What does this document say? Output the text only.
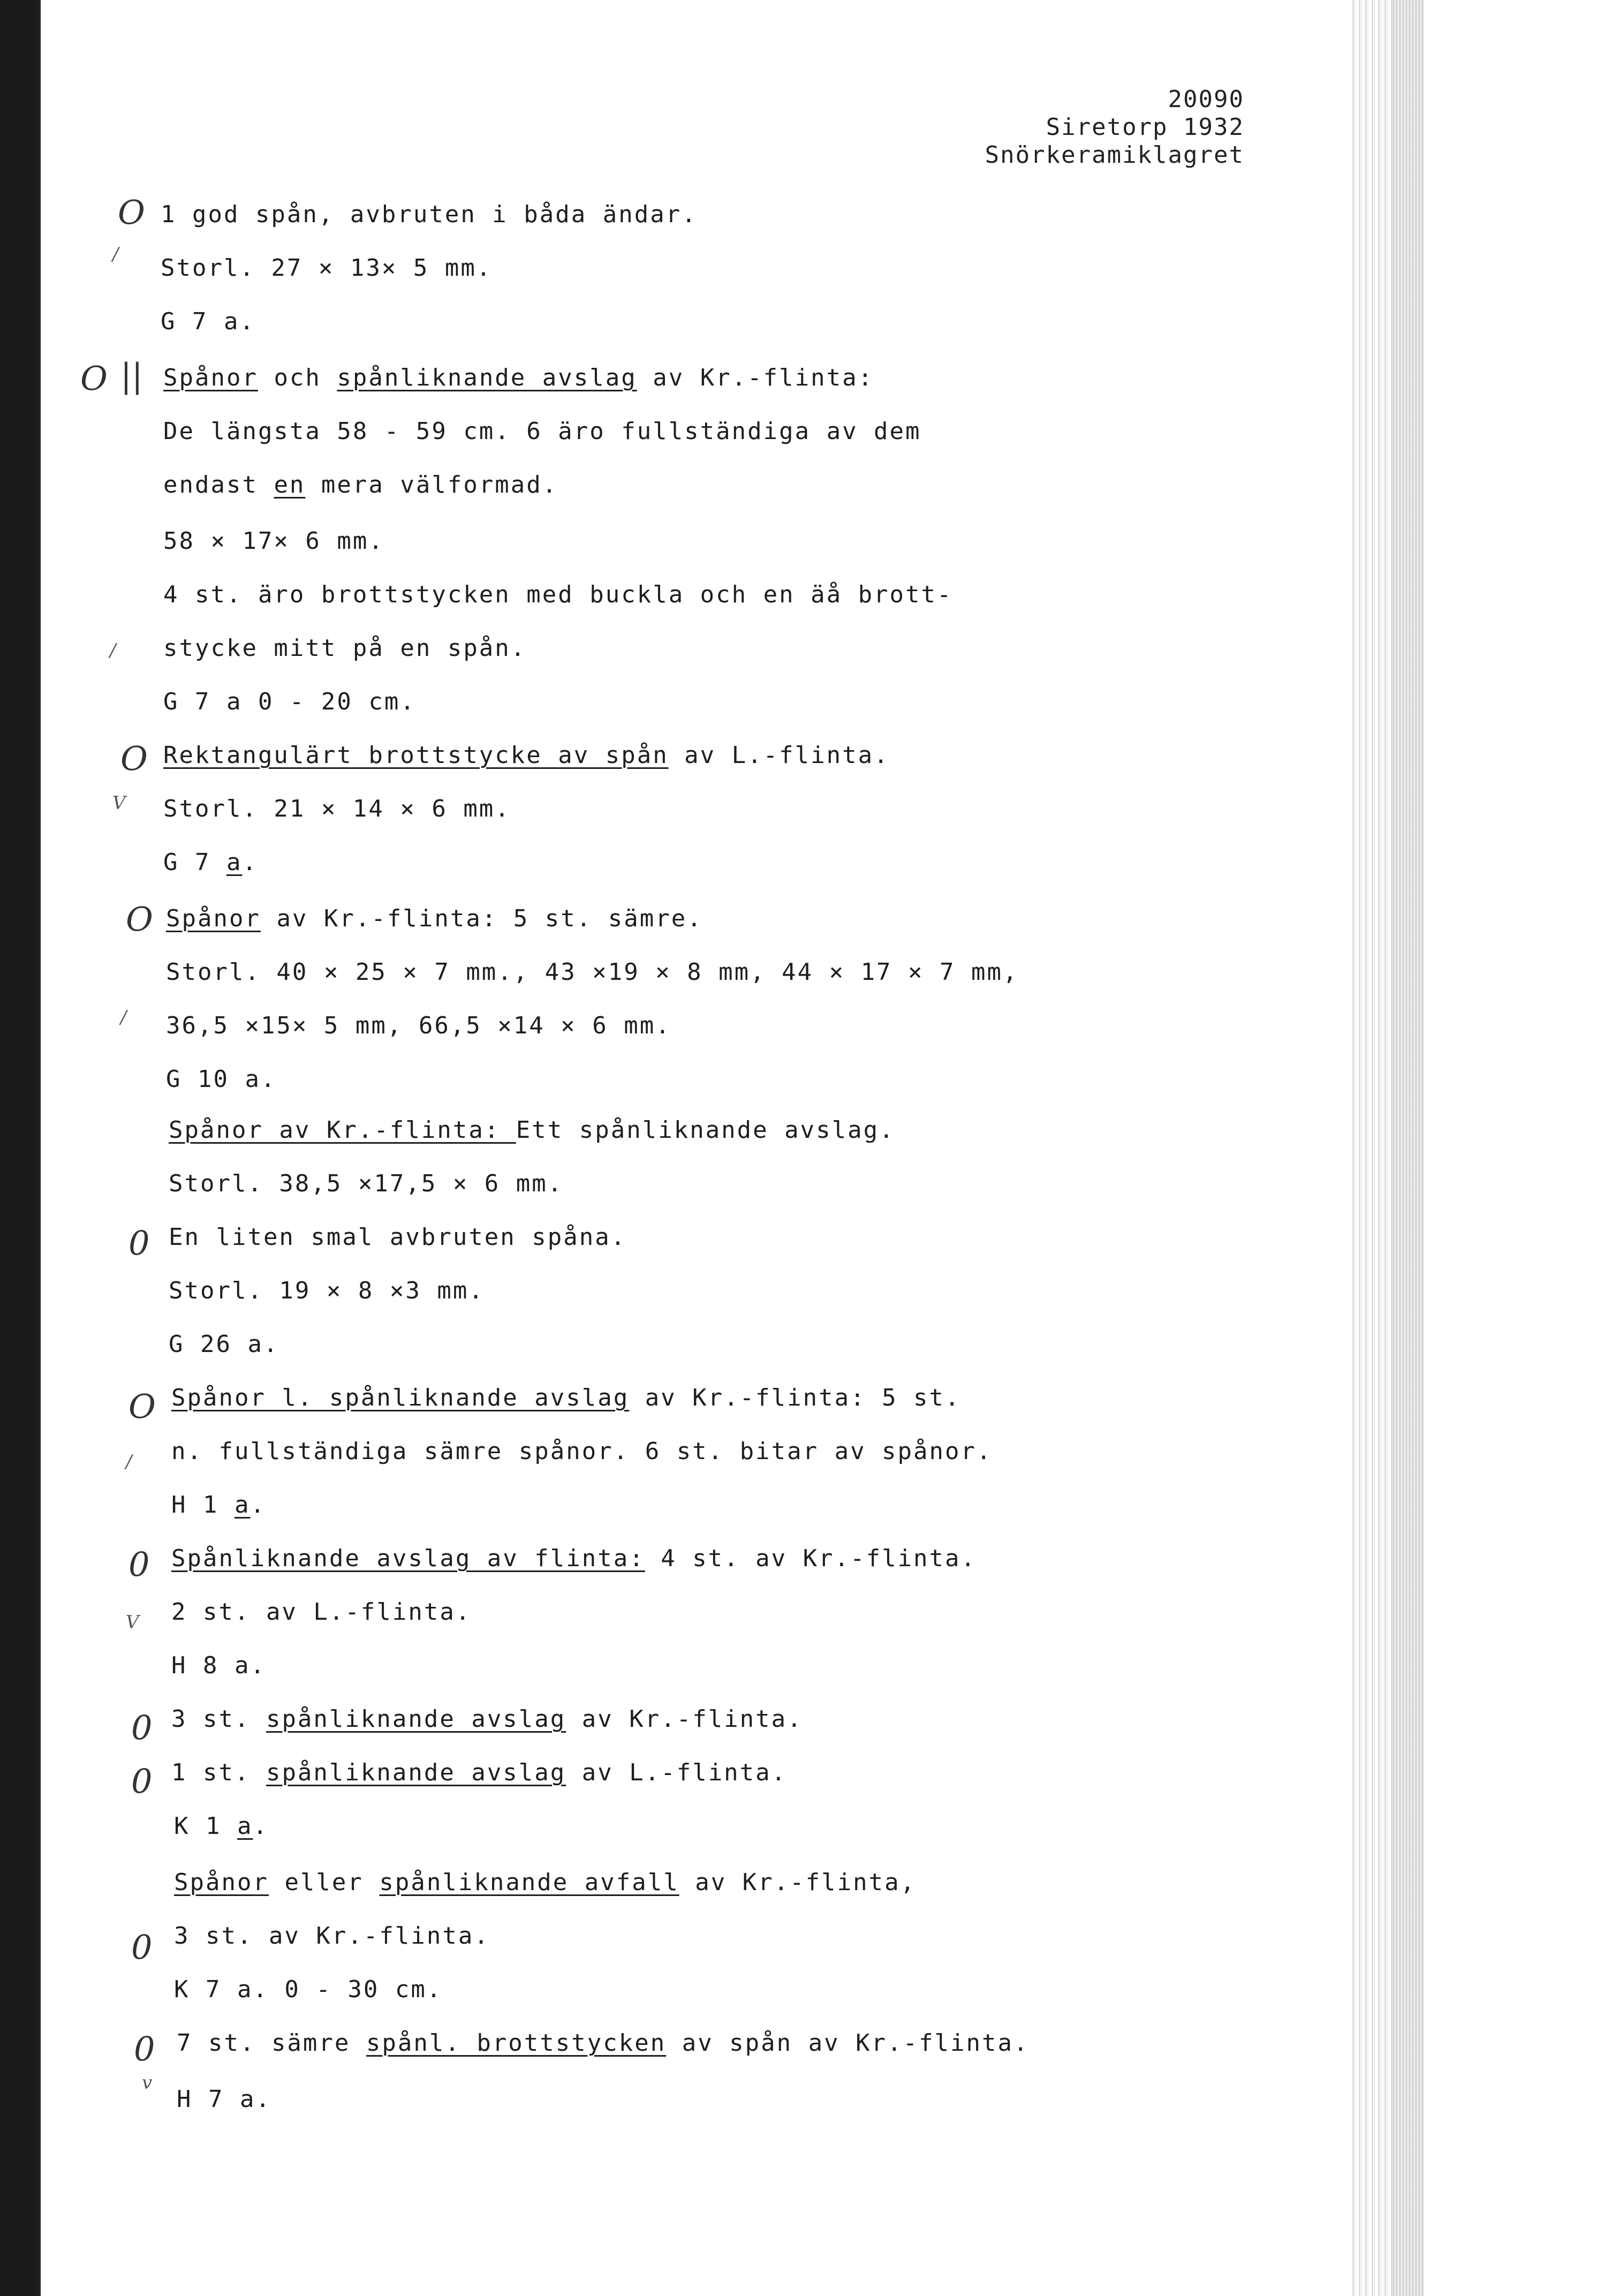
20090
Siretorp 1932
Snörkeramiklagret
1 god spån, avbruten i båda ändar.
Storl. 27 × 13× 5 mm.
G 7 a.
Spånor och spånliknande avslag av Kr.-flinta:
De längsta 58 - 59 cm. 6 äro fullständiga av dem
endast en mera välformad.
58 × 17× 6 mm.
4 st. äro brottstycken med buckla och en äå brott-
stycke mitt på en spån.
G 7 a 0 - 20 cm.
Rektangulärt brottstycke av spån av L.-flinta.
Storl. 21 × 14 × 6 mm.
G 7 a.
Spånor av Kr.-flinta: 5 st. sämre.
Storl. 40 × 25 × 7 mm., 43 ×19 × 8 mm, 44 × 17 × 7 mm,
36,5 ×15× 5 mm, 66,5 ×14 × 6 mm.
G 10 a.
Spånor av Kr.-flinta: Ett spånliknande avslag.
Storl. 38,5 ×17,5 × 6 mm.
En liten smal avbruten spåna.
Storl. 19 × 8 ×3 mm.
G 26 a.
Spånor l. spånliknande avslag av Kr.-flinta: 5 st.
n. fullständiga sämre spånor. 6 st. bitar av spånor.
H 1 a.
Spånliknande avslag av flinta: 4 st. av Kr.-flinta.
2 st. av L.-flinta.
H 8 a.
3 st. spånliknande avslag av Kr.-flinta.
1 st. spånliknande avslag av L.-flinta.
K 1 a.
Spånor eller spånliknande avfall av Kr.-flinta,
3 st. av Kr.-flinta.
K 7 a. 0 - 30 cm.
7 st. sämre spånl. brottstycken av spån av Kr.-flinta.
H 7 a.
O
/
O ||
/
O
V
O
/
0
O
/
0
V
0
0
0
0
v
